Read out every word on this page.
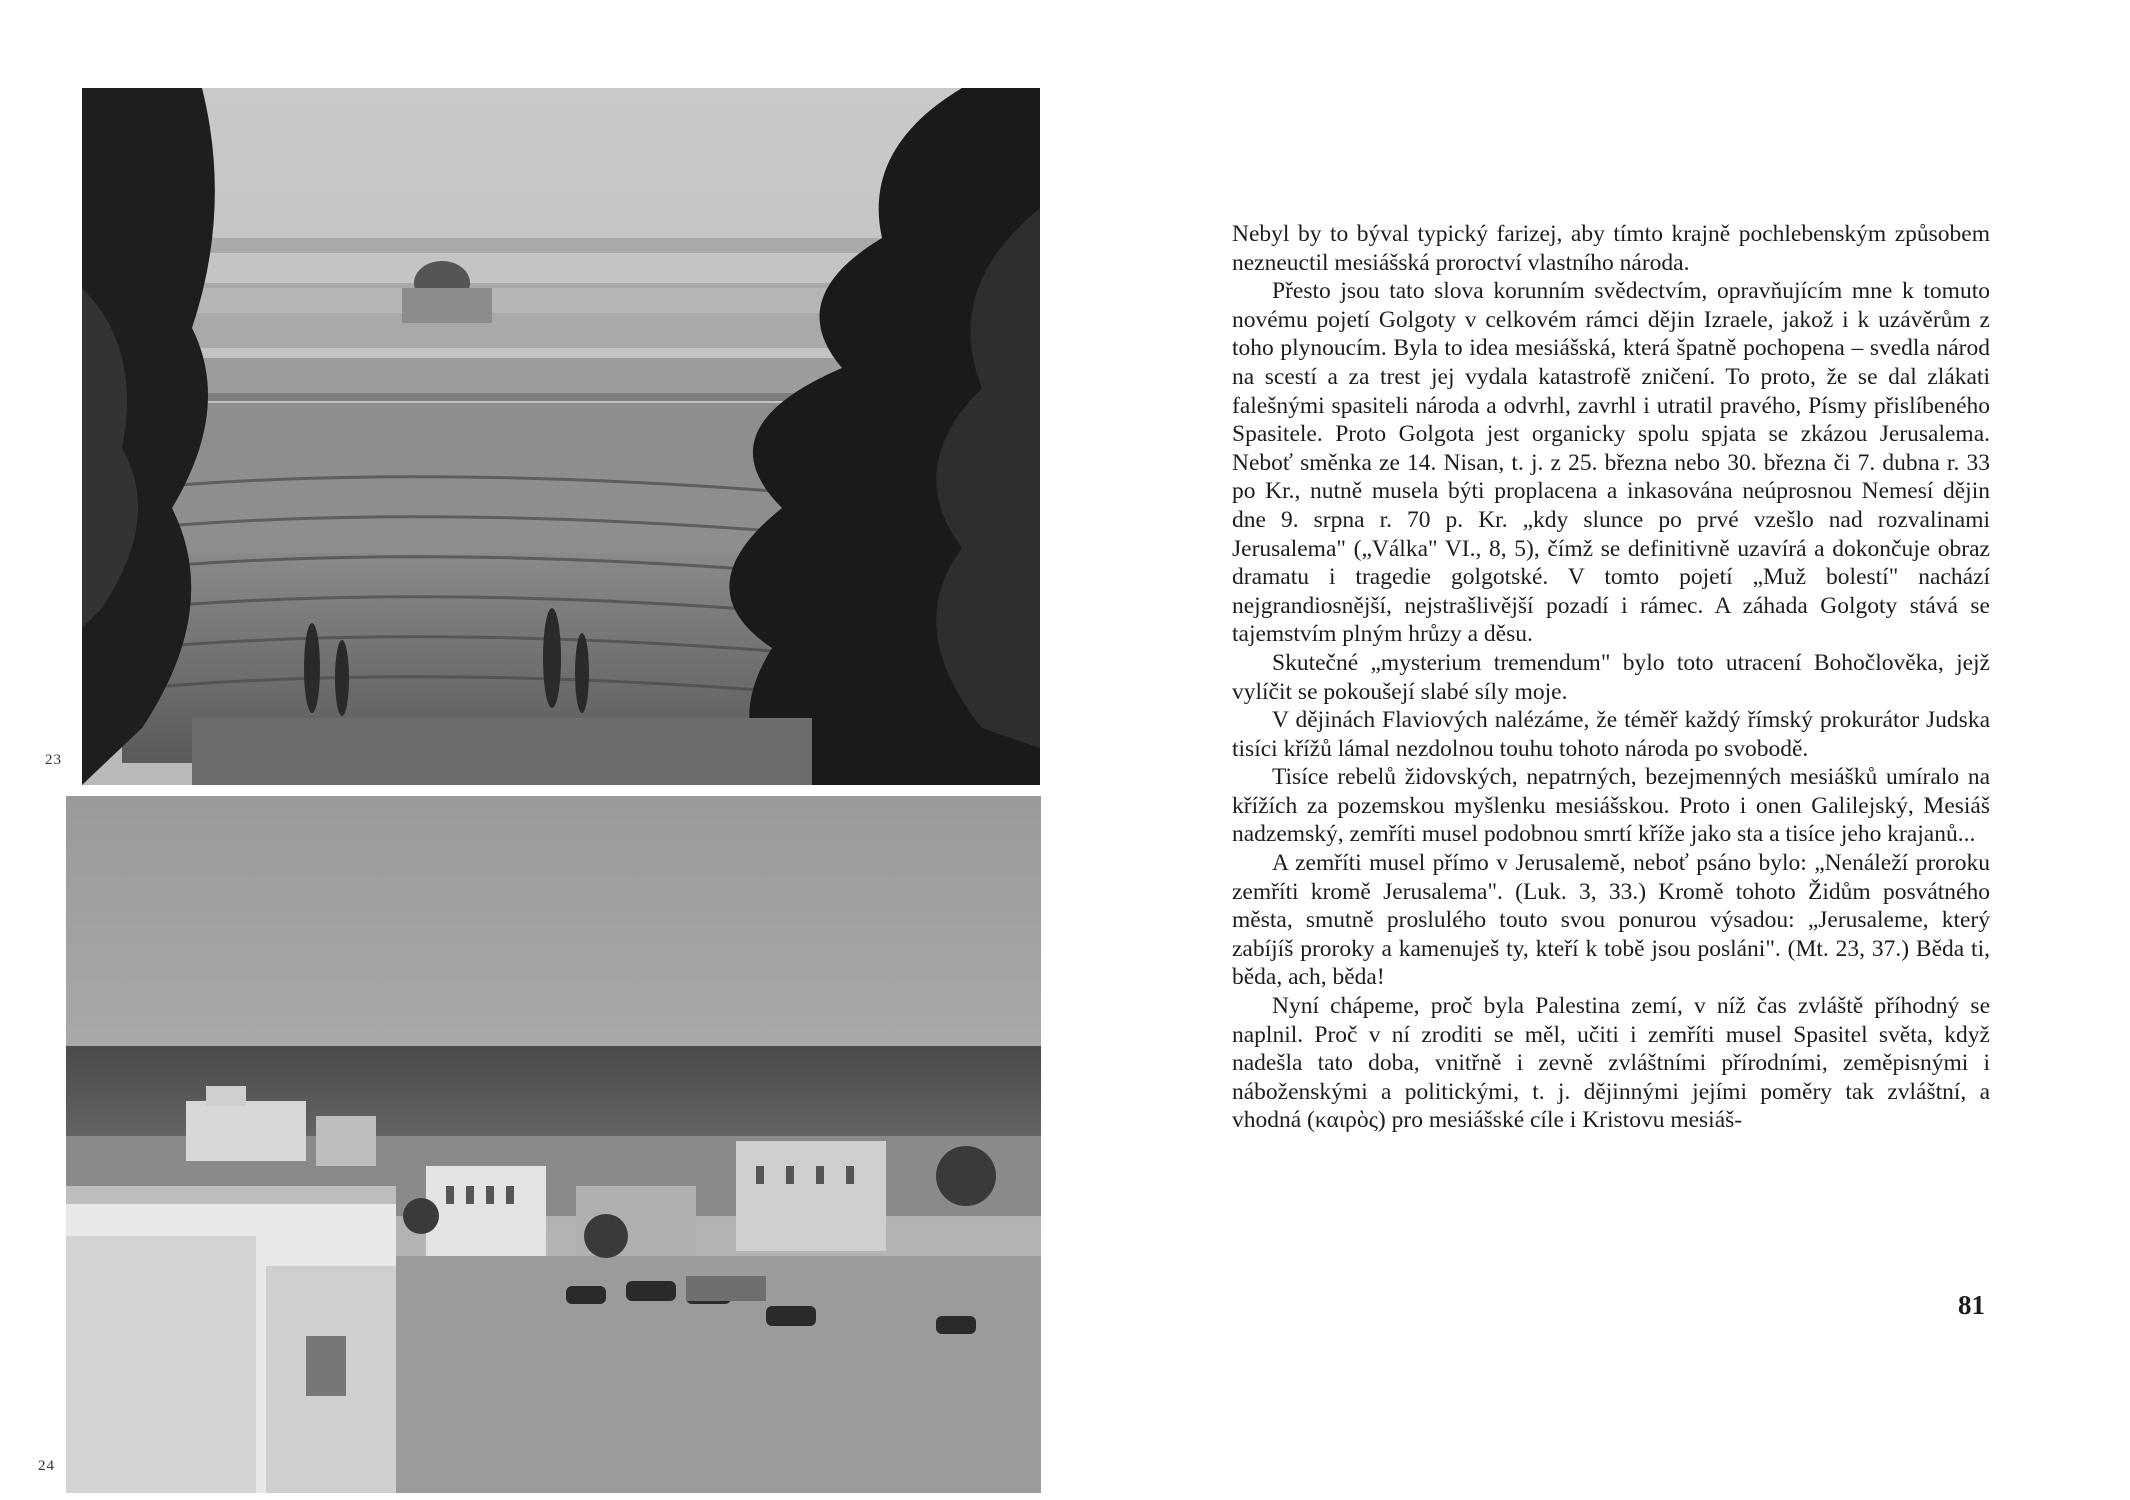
23
24

Nebyl by to býval typický farizej, aby tímto krajně pochlebenským způsobem nezneuctil mesiášská proroctví vlastního národa.

Přesto jsou tato slova korunním svědectvím, opravňujícím mne k tomuto novému pojetí Golgoty v celkovém rámci dějin Izraele, jakož i k uzávěrům z toho plynoucím. Byla to idea mesiášská, která špatně pochopena – svedla národ na scestí a za trest jej vydala katastrofě zničení. To proto, že se dal zlákati falešnými spasiteli národa a odvrhl, zavrhl i utratil pravého, Písmy přislíbeného Spasitele. Proto Golgota jest organicky spolu spjata se zkázou Jerusalema. Neboť směnka ze 14. Nisan, t. j. z 25. března nebo 30. března či 7. dubna r. 33 po Kr., nutně musela býti proplacena a inkasována neúprosnou Nemesí dějin dne 9. srpna r. 70 p. Kr. „kdy slunce po prvé vzešlo nad rozvalinami Jerusalema" („Válka" VI., 8, 5), čímž se definitivně uzavírá a dokončuje obraz dramatu i tragedie golgotské. V tomto pojetí „Muž bolestí" nachází nejgrandiosnější, nejstrašlivější pozadí i rámec. A záhada Golgoty stává se tajemstvím plným hrůzy a děsu.

Skutečné „mysterium tremendum" bylo toto utracení Bohočlověka, jejž vylíčit se pokoušejí slabé síly moje.

V dějinách Flaviových nalézáme, že téměř každý římský prokurátor Judska tisíci křížů lámal nezdolnou touhu tohoto národa po svobodě.

Tisíce rebelů židovských, nepatrných, bezejmenných mesiášků umíralo na křížích za pozemskou myšlenku mesiášskou. Proto i onen Galilejský, Mesiáš nadzemský, zemříti musel podobnou smrtí kříže jako sta a tisíce jeho krajanů...

A zemříti musel přímo v Jerusalemě, neboť psáno bylo: „Nenáleží proroku zemříti kromě Jerusalema". (Luk. 3, 33.) Kromě tohoto Židům posvátného města, smutně proslulého touto svou ponurou výsadou: „Jerusaleme, který zabíjíš proroky a kamenuješ ty, kteří k tobě jsou posláni". (Mt. 23, 37.) Běda ti, běda, ach, běda!

Nyní chápeme, proč byla Palestina zemí, v níž čas zvláště příhodný se naplnil. Proč v ní zroditi se měl, učiti i zemříti musel Spasitel světa, když nadešla tato doba, vnitřně i zevně zvláštními přírodními, zeměpisnými i náboženskými a politickými, t. j. dějinnými jejími poměry tak zvláštní, a vhodná (καιρὸς) pro mesiášské cíle i Kristovu mesiáš-

81
